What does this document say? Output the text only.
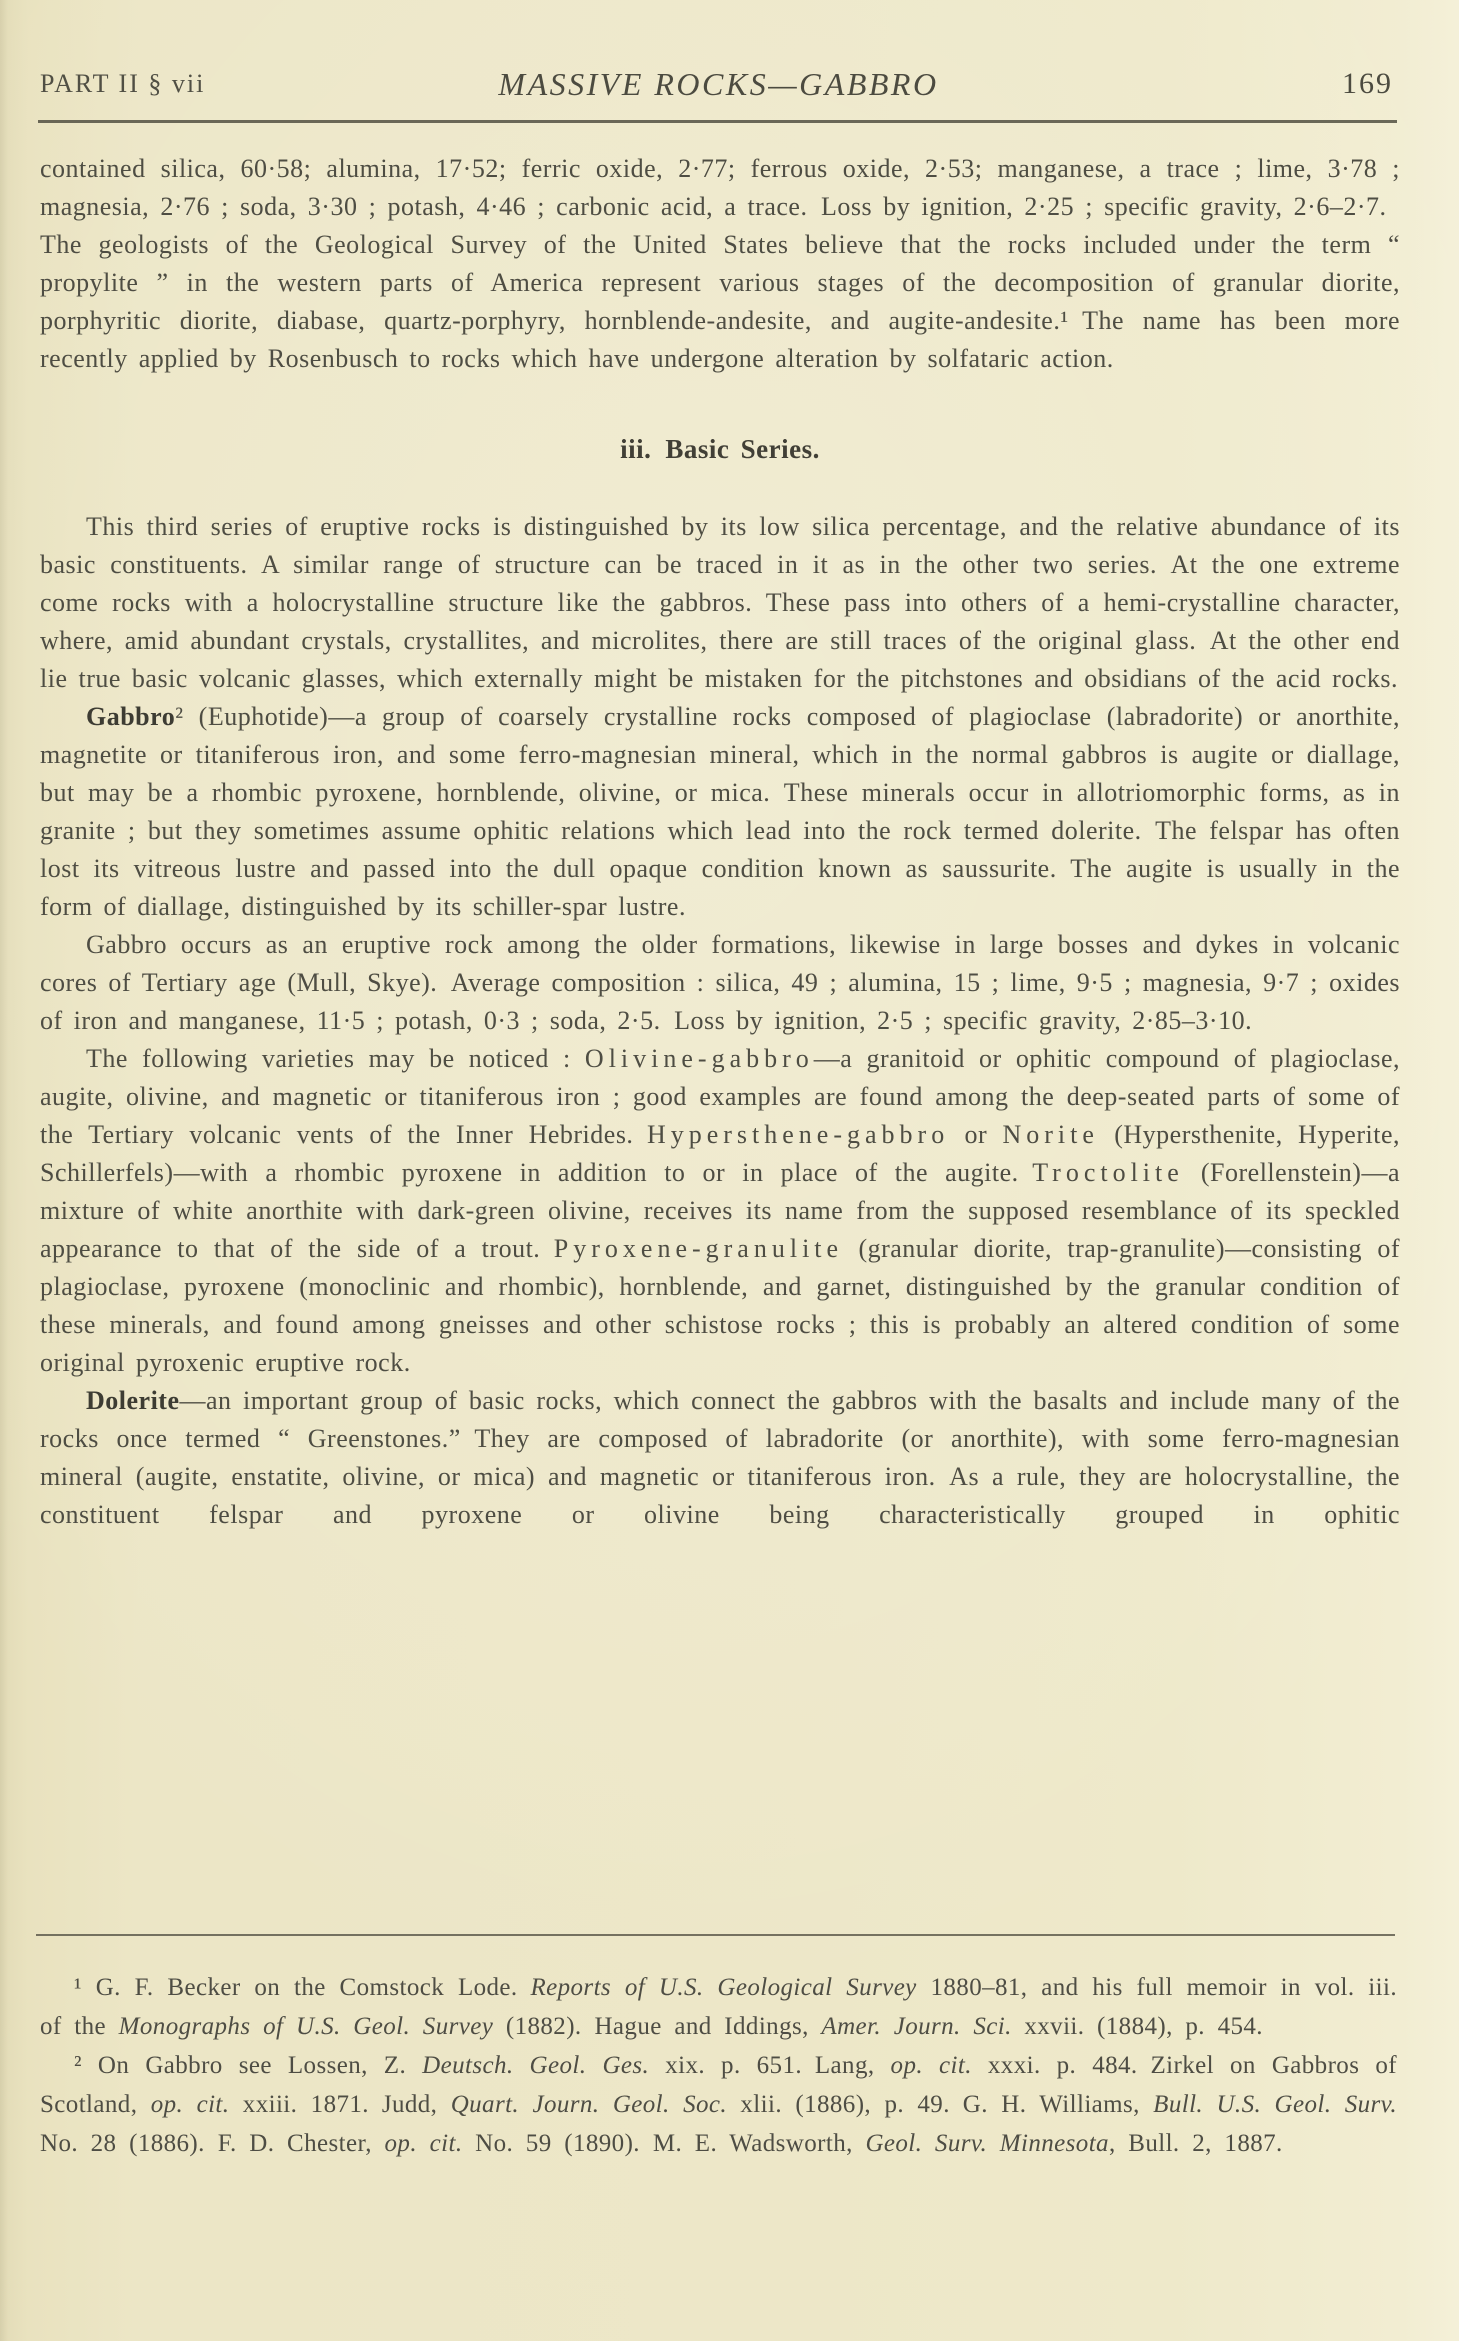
PART II § vii	MASSIVE ROCKS—GABBRO	169

contained silica, 60·58; alumina, 17·52; ferric oxide, 2·77; ferrous oxide, 2·53; manganese, a trace ; lime, 3·78 ; magnesia, 2·76 ; soda, 3·30 ; potash, 4·46 ; carbonic acid, a trace. Loss by ignition, 2·25 ; specific gravity, 2·6–2·7. The geologists of the Geological Survey of the United States believe that the rocks included under the term “ propylite ” in the western parts of America represent various stages of the decomposition of granular diorite, porphyritic diorite, diabase, quartz-porphyry, hornblende-andesite, and augite-andesite.¹ The name has been more recently applied by Rosenbusch to rocks which have undergone alteration by solfataric action.

iii. Basic Series.

This third series of eruptive rocks is distinguished by its low silica percentage, and the relative abundance of its basic constituents. A similar range of structure can be traced in it as in the other two series. At the one extreme come rocks with a holocrystalline structure like the gabbros. These pass into others of a hemi-crystalline character, where, amid abundant crystals, crystallites, and microlites, there are still traces of the original glass. At the other end lie true basic volcanic glasses, which externally might be mistaken for the pitchstones and obsidians of the acid rocks.

Gabbro² (Euphotide)—a group of coarsely crystalline rocks composed of plagioclase (labradorite) or anorthite, magnetite or titaniferous iron, and some ferro-magnesian mineral, which in the normal gabbros is augite or diallage, but may be a rhombic pyroxene, hornblende, olivine, or mica. These minerals occur in allotriomorphic forms, as in granite ; but they sometimes assume ophitic relations which lead into the rock termed dolerite. The felspar has often lost its vitreous lustre and passed into the dull opaque condition known as saussurite. The augite is usually in the form of diallage, distinguished by its schiller-spar lustre.

Gabbro occurs as an eruptive rock among the older formations, likewise in large bosses and dykes in volcanic cores of Tertiary age (Mull, Skye). Average composition : silica, 49 ; alumina, 15 ; lime, 9·5 ; magnesia, 9·7 ; oxides of iron and manganese, 11·5 ; potash, 0·3 ; soda, 2·5. Loss by ignition, 2·5 ; specific gravity, 2·85–3·10.

The following varieties may be noticed : Olivine-gabbro—a granitoid or ophitic compound of plagioclase, augite, olivine, and magnetic or titaniferous iron ; good examples are found among the deep-seated parts of some of the Tertiary volcanic vents of the Inner Hebrides. Hypersthene-gabbro or Norite (Hypersthenite, Hyperite, Schillerfels)—with a rhombic pyroxene in addition to or in place of the augite. Troctolite (Forellenstein)—a mixture of white anorthite with dark-green olivine, receives its name from the supposed resemblance of its speckled appearance to that of the side of a trout. Pyroxene-granulite (granular diorite, trap-granulite)—consisting of plagioclase, pyroxene (monoclinic and rhombic), hornblende, and garnet, distinguished by the granular condition of these minerals, and found among gneisses and other schistose rocks ; this is probably an altered condition of some original pyroxenic eruptive rock.

Dolerite—an important group of basic rocks, which connect the gabbros with the basalts and include many of the rocks once termed “ Greenstones.” They are composed of labradorite (or anorthite), with some ferro-magnesian mineral (augite, enstatite, olivine, or mica) and magnetic or titaniferous iron. As a rule, they are holocrystalline, the constituent felspar and pyroxene or olivine being characteristically grouped in ophitic

¹ G. F. Becker on the Comstock Lode. Reports of U.S. Geological Survey 1880–81, and his full memoir in vol. iii. of the Monographs of U.S. Geol. Survey (1882). Hague and Iddings, Amer. Journ. Sci. xxvii. (1884), p. 454.

² On Gabbro see Lossen, Z. Deutsch. Geol. Ges. xix. p. 651. Lang, op. cit. xxxi. p. 484. Zirkel on Gabbros of Scotland, op. cit. xxiii. 1871. Judd, Quart. Journ. Geol. Soc. xlii. (1886), p. 49. G. H. Williams, Bull. U.S. Geol. Surv. No. 28 (1886). F. D. Chester, op. cit. No. 59 (1890). M. E. Wadsworth, Geol. Surv. Minnesota, Bull. 2, 1887.
